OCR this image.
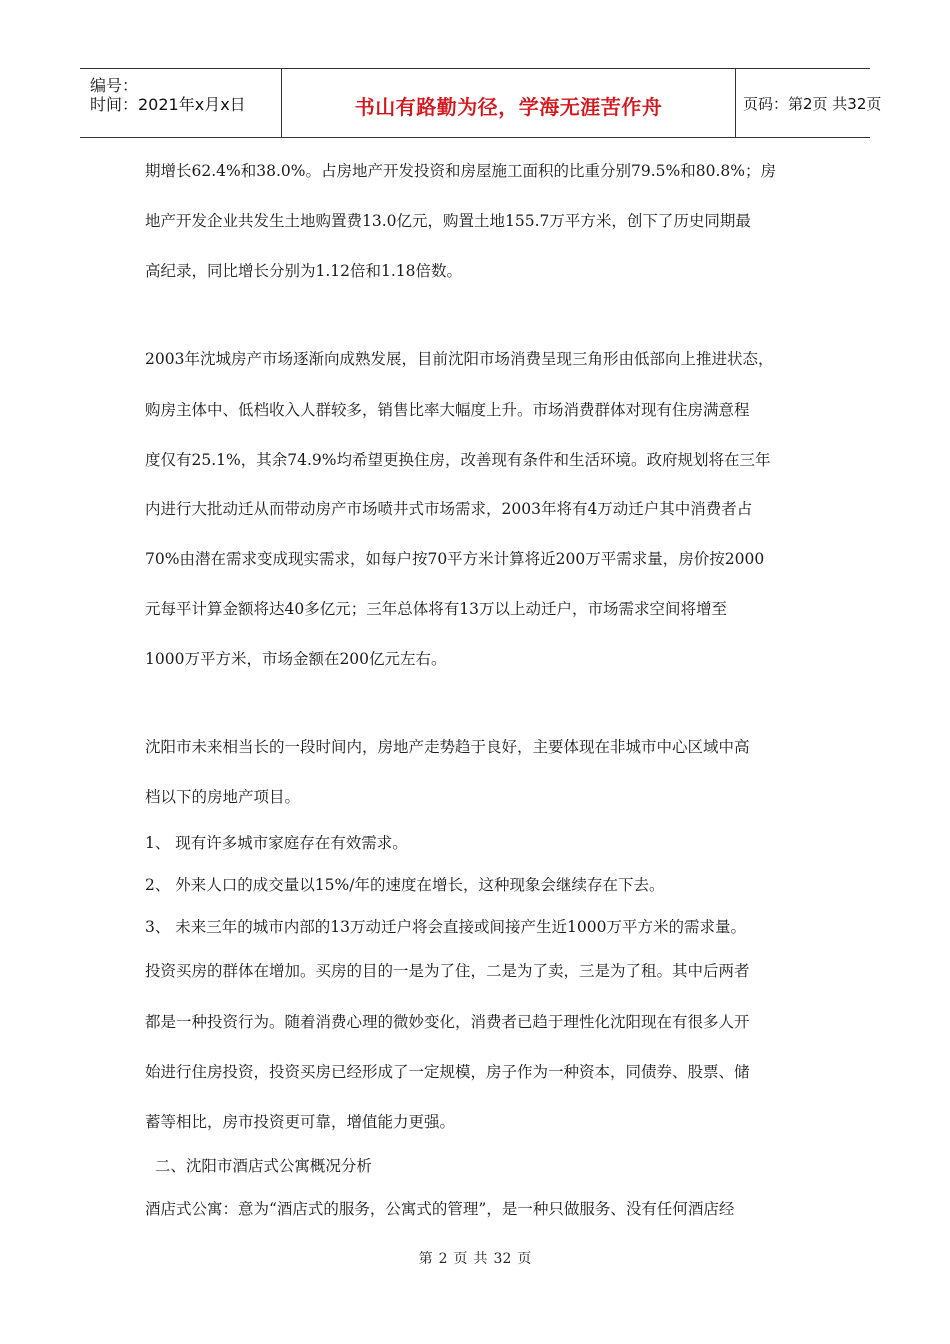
编号：
时间：2021年x月x日	书山有路勤为径，学海无涯苦作舟	页码：第2页 共32页
期增长62.4%和38.0%。占房地产开发投资和房屋施工面积的比重分别79.5%和80.8%；房
地产开发企业共发生土地购置费13.0亿元，购置土地155.7万平方米，创下了历史同期最
高纪录，同比增长分别为1.12倍和1.18倍数。
2003年沈城房产市场逐渐向成熟发展，目前沈阳市场消费呈现三角形由低部向上推进状态，
购房主体中、低档收入人群较多，销售比率大幅度上升。市场消费群体对现有住房满意程
度仅有25.1%，其余74.9%均希望更换住房，改善现有条件和生活环境。政府规划将在三年
内进行大批动迁从而带动房产市场喷井式市场需求，2003年将有4万动迁户其中消费者占
70%由潜在需求变成现实需求，如每户按70平方米计算将近200万平需求量，房价按2000
元每平计算金额将达40多亿元；三年总体将有13万以上动迁户，市场需求空间将增至
1000万平方米，市场金额在200亿元左右。
沈阳市未来相当长的一段时间内，房地产走势趋于良好，主要体现在非城市中心区域中高
档以下的房地产项目。
1、 现有许多城市家庭存在有效需求。
2、 外来人口的成交量以15%/年的速度在增长，这种现象会继续存在下去。
3、 未来三年的城市内部的13万动迁户将会直接或间接产生近1000万平方米的需求量。
投资买房的群体在增加。买房的目的一是为了住，二是为了卖，三是为了租。其中后两者
都是一种投资行为。随着消费心理的微妙变化，消费者已趋于理性化沈阳现在有很多人开
始进行住房投资，投资买房已经形成了一定规模，房子作为一种资本，同债券、股票、储
蓄等相比，房市投资更可靠，增值能力更强。
二、沈阳市酒店式公寓概况分析
酒店式公寓：意为“酒店式的服务，公寓式的管理”，是一种只做服务、没有任何酒店经
第 2 页 共 32 页
